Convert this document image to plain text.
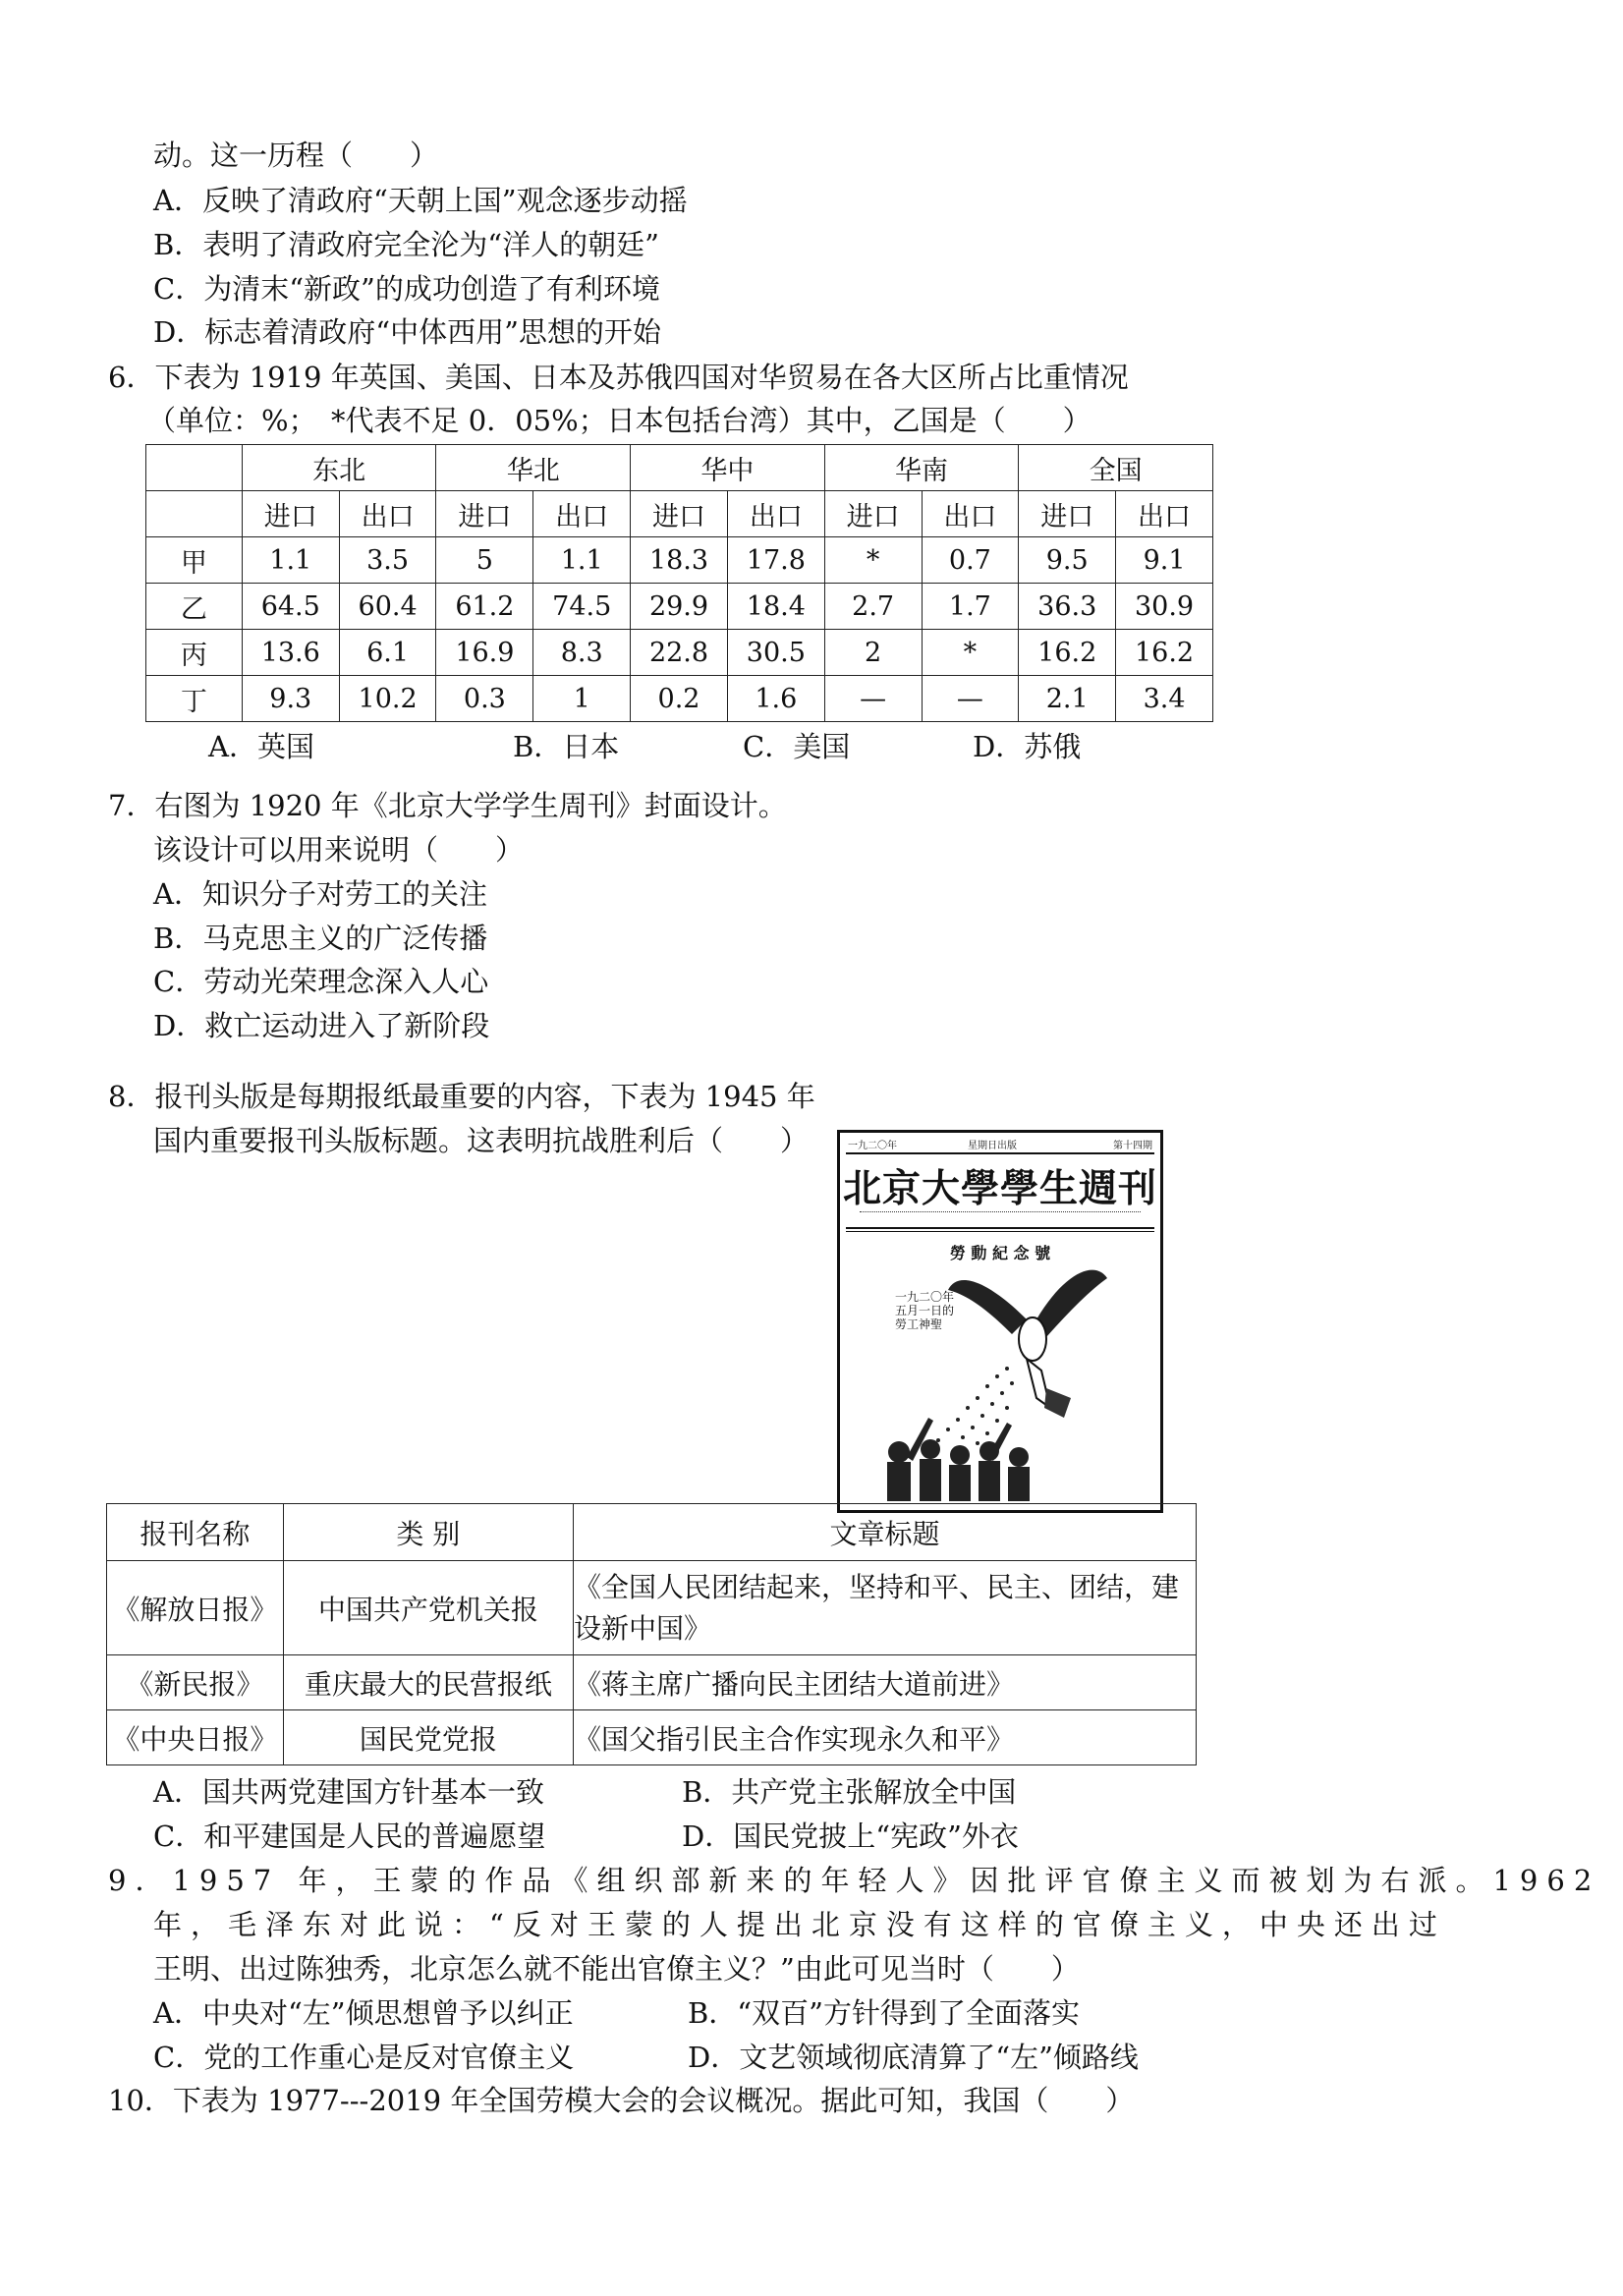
动。这一历程（　　）
A．反映了清政府“天朝上国”观念逐步动摇
B．表明了清政府完全沦为“洋人的朝廷”
C．为清末“新政”的成功创造了有利环境
D．标志着清政府“中体西用”思想的开始
6．下表为 1919 年英国、美国、日本及苏俄四国对华贸易在各大区所占比重情况
（单位：%；　*代表不足 0．05%；日本包括台湾）其中，乙国是（　　）
	东北		华北		华中		华南		全国	
	进口	出口	进口	出口	进口	出口	进口	出口	进口	出口
甲	1.1	3.5	5	1.1	18.3	17.8	*	0.7	9.5	9.1
乙	64.5	60.4	61.2	74.5	29.9	18.4	2.7	1.7	36.3	30.9
丙	13.6	6.1	16.9	8.3	22.8	30.5	2	*	16.2	16.2
丁	9.3	10.2	0.3	1	0.2	1.6	—	—	2.1	3.4
A．英国	B．日本	C．美国	D．苏俄
7．右图为 1920 年《北京大学学生周刊》封面设计。
该设计可以用来说明（　　）
A．知识分子对劳工的关注
B．马克思主义的广泛传播
C．劳动光荣理念深入人心
D．救亡运动进入了新阶段
8．报刊头版是每期报纸最重要的内容，下表为 1945 年
国内重要报刊头版标题。这表明抗战胜利后（　　）	一九二〇年	星期日出版	第十四期
北京大學學生週刊
勞 動 紀 念 號
一九二〇年五月一日的勞工神聖
报刊名称	类 别	文章标题
《解放日报》	中国共产党机关报	《全国人民团结起来，坚持和平、民主、团结，建
设新中国》

《新民报》	重庆最大的民营报纸	《蒋主席广播向民主团结大道前进》
《中央日报》	国民党党报	《国父指引民主合作实现永久和平》
A．国共两党建国方针基本一致	B．共产党主张解放全中国
C．和平建国是人民的普遍愿望	D．国民党披上“宪政”外衣
9．1957 年，王蒙的作品《组织部新来的年轻人》因批评官僚主义而被划为右派。1962
年，毛泽东对此说：“反对王蒙的人提出北京没有这样的官僚主义，中央还出过
王明、出过陈独秀，北京怎么就不能出官僚主义？”由此可见当时（　　）
A．中央对“左”倾思想曾予以纠正	B．“双百”方针得到了全面落实
C．党的工作重心是反对官僚主义	D．文艺领域彻底清算了“左”倾路线
10．下表为 1977---2019 年全国劳模大会的会议概况。据此可知，我国（　　）
